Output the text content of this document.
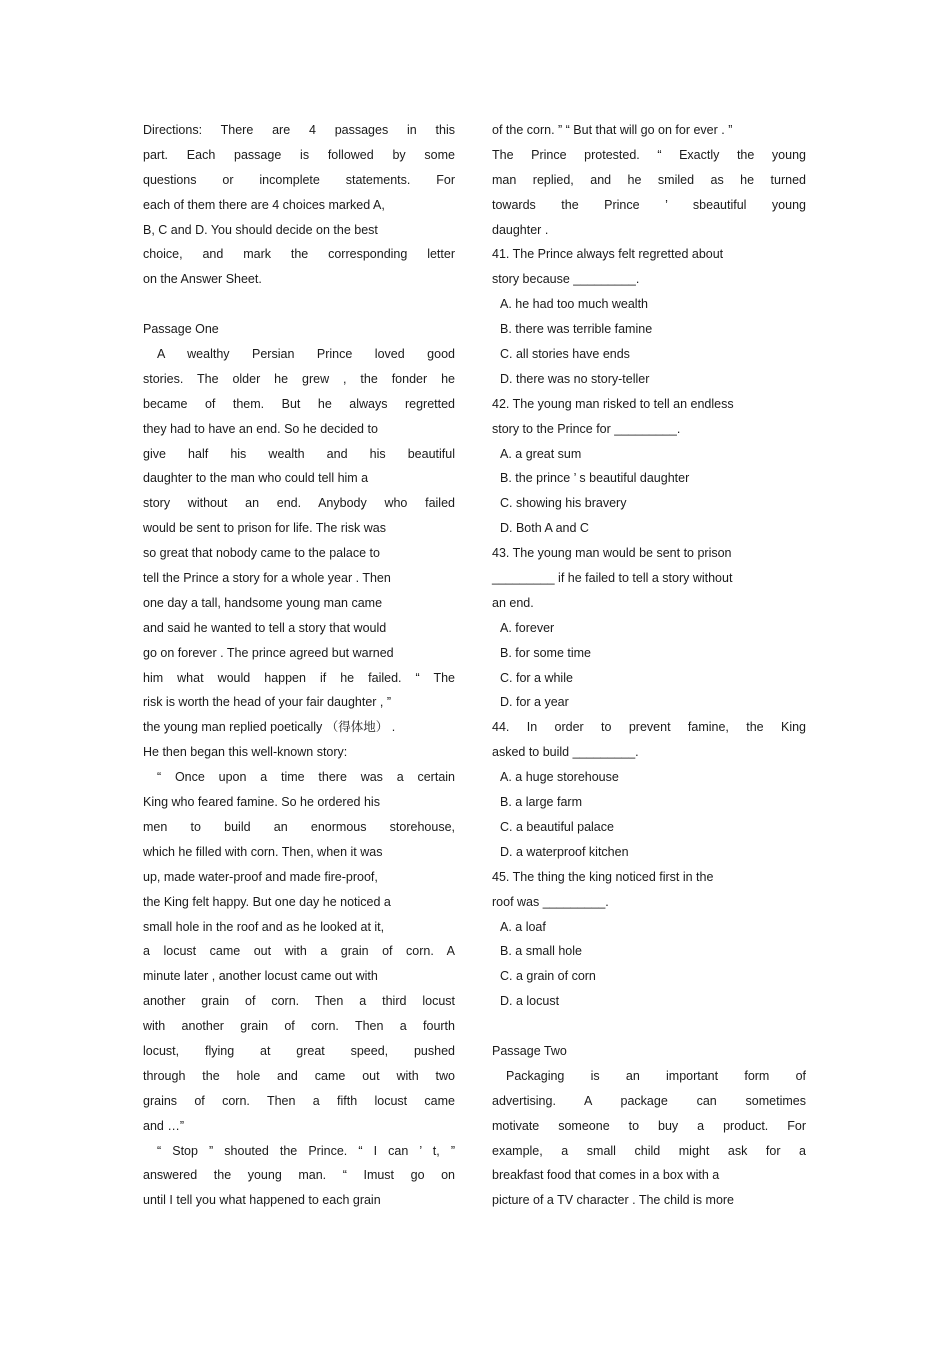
Directions: There are 4 passages in this
part. Each passage is followed by some
questions or incomplete statements. For
each of them there are 4 choices marked A,
B, C and D. You should decide on the best
choice, and mark the corresponding letter
on the Answer Sheet.
Passage One
A wealthy Persian Prince loved good
stories. The older he grew , the fonder he
became of them. But he always regretted
they had to have an end. So he decided to
give half his wealth and his beautiful
daughter to the man who could tell him a
story without an end. Anybody who failed
would be sent to prison for life. The risk was
so great that nobody came to the palace to
tell the Prince a story for a whole year . Then
one day a tall, handsome young man came
and said he wanted to tell a story that would
go on forever . The prince agreed but warned
him what would happen if he failed. “ The
risk is worth the head of your fair daughter , ”
the young man replied poetically （得体地） .
He then began this well-known story:
“ Once upon a time there was a certain
King who feared famine. So he ordered his
men to build an enormous storehouse,
which he filled with corn. Then, when it was
up, made water-proof and made fire-proof,
the King felt happy. But one day he noticed a
small hole in the roof and as he looked at it,
a locust came out with a grain of corn. A
minute later , another locust came out with
another grain of corn. Then a third locust
with another grain of corn. Then a fourth
locust, flying at great speed, pushed
through the hole and came out with two
grains of corn. Then a fifth locust came
and …”
“ Stop ” shouted the Prince. “ I can ’ t, ”
answered the young man. “ Imust go on
until I tell you what happened to each grain
of the corn. ” “ But that will go on for ever . ”
The Prince protested. “ Exactly the young
man replied, and he smiled as he turned
towards the Prince ’ sbeautiful young
daughter .
41. The Prince always felt regretted about
story because _________.
A. he had too much wealth
B. there was terrible famine
C. all stories have ends
D. there was no story-teller
42. The young man risked to tell an endless
story to the Prince for _________.
A. a great sum
B. the prince ’ s beautiful daughter
C. showing his bravery
D. Both A and C
43. The young man would be sent to prison
_________ if he failed to tell a story without
an end.
A. forever
B. for some time
C. for a while
D. for a year
44. In order to prevent famine, the King
asked to build _________.
A. a huge storehouse
B. a large farm
C. a beautiful palace
D. a waterproof kitchen
45. The thing the king noticed first in the
roof was _________.
A. a loaf
B. a small hole
C. a grain of corn
D. a locust
Passage Two
Packaging is an important form of
advertising. A package can sometimes
motivate someone to buy a product. For
example, a small child might ask for a
breakfast food that comes in a box with a
picture of a TV character . The child is more
